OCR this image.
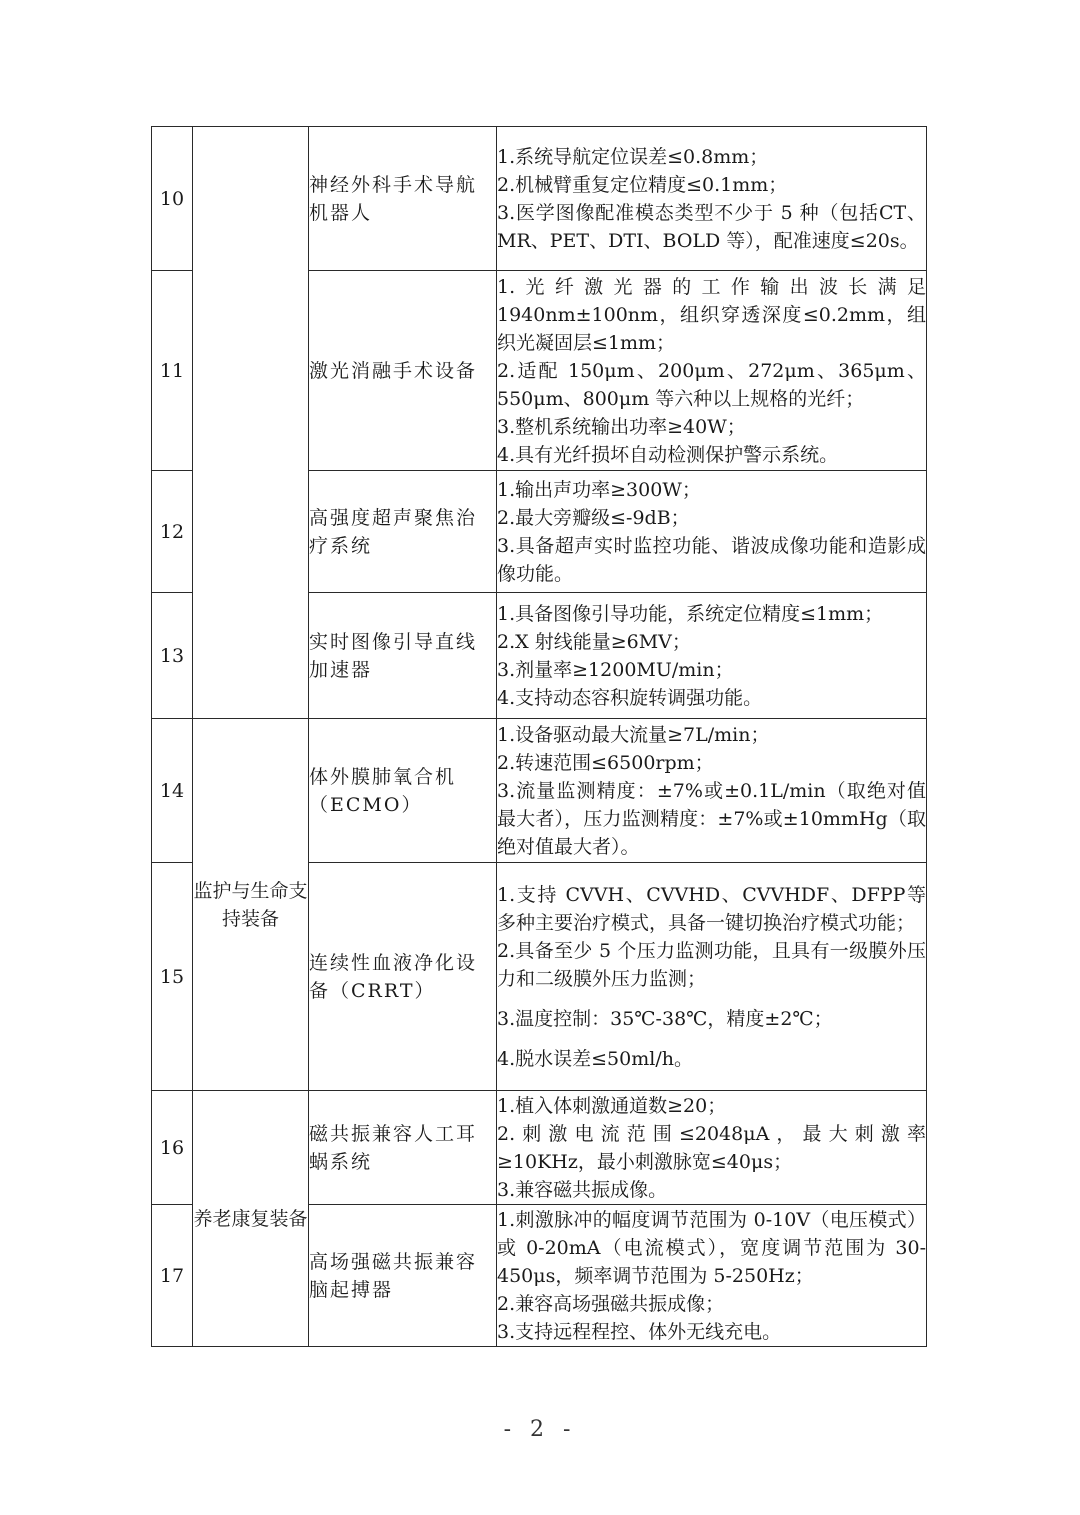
10		神经外科手术导航机器人	1.系统导航定位误差≤0.8mm；
2.机械臂重复定位精度≤0.1mm；
3.医学图像配准模态类型不少于 5 种（包括CT、MR、PET、DTI、BOLD 等），配准速度≤20s。

11		激光消融手术设备	1.光纤激光器的工作输出波长满足1940nm±100nm，组织穿透深度≤0.2mm，组织光凝固层≤1mm；
2.适配 150μm、200μm、272μm、365μm、550μm、800μm 等六种以上规格的光纤；
3.整机系统输出功率≥40W；
4.具有光纤损坏自动检测保护警示系统。

12		高强度超声聚焦治疗系统	1.输出声功率≥300W；
2.最大旁瓣级≤-9dB；
3.具备超声实时监控功能、谐波成像功能和造影成像功能。

13		实时图像引导直线加速器	1.具备图像引导功能，系统定位精度≤1mm；
2.X 射线能量≥6MV；
3.剂量率≥1200MU/min；
4.支持动态容积旋转调强功能。

14	监护与生命支持装备	体外膜肺氧合机（ECMO）	1.设备驱动最大流量≥7L/min；
2.转速范围≤6500rpm；
3.流量监测精度：±7%或±0.1L/min（取绝对值最大者），压力监测精度：±7%或±10mmHg（取绝对值最大者）。

15		连续性血液净化设备（CRRT）	1.支持 CVVH、CVVHD、CVVHDF、DFPP等多种主要治疗模式，具备一键切换治疗模式功能；
2.具备至少 5 个压力监测功能，且具有一级膜外压力和二级膜外压力监测；
3.温度控制：35℃-38℃，精度±2℃；
4.脱水误差≤50ml/h。

16	养老康复装备	磁共振兼容人工耳蜗系统	1.植入体刺激通道数≥20；
2.刺激电流范围≤2048μA，最大刺激率≥10KHz，最小刺激脉宽≤40μs；
3.兼容磁共振成像。

17		高场强磁共振兼容脑起搏器	1.刺激脉冲的幅度调节范围为 0-10V（电压模式）或 0-20mA（电流模式），宽度调节范围为 30-450μs，频率调节范围为 5-250Hz；
2.兼容高场强磁共振成像；
3.支持远程程控、体外无线充电。
- 2 -
